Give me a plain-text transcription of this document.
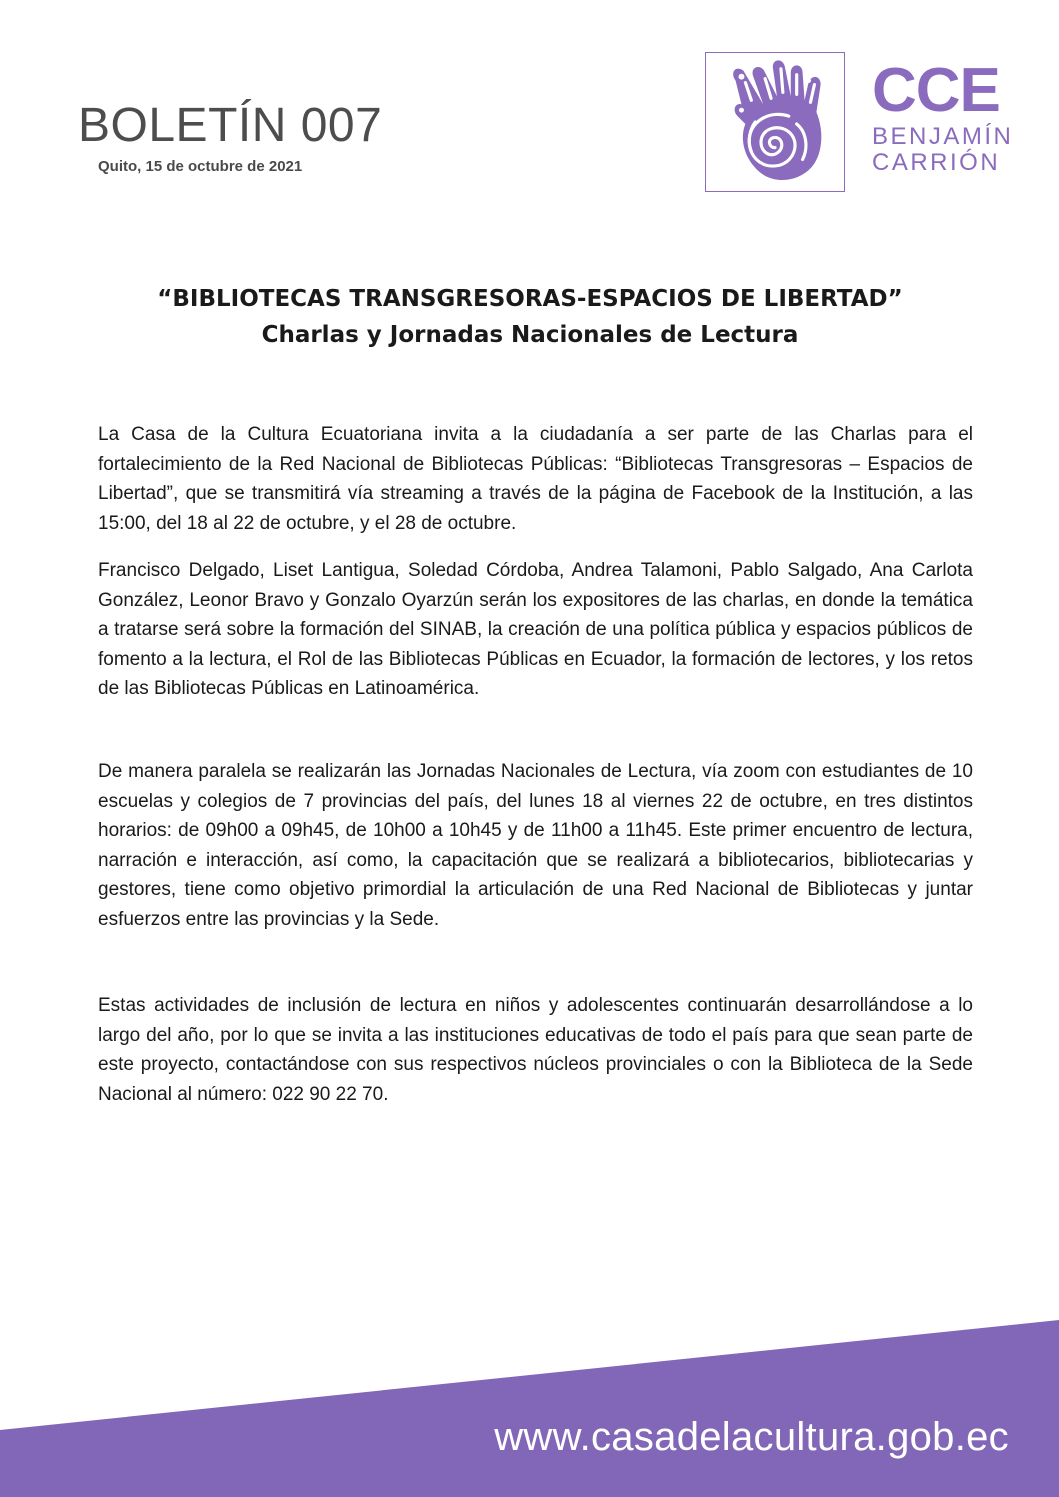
BOLETÍN 007
Quito, 15 de octubre de 2021
CCE
BENJAMÍN
CARRIÓN
“BIBLIOTECAS TRANSGRESORAS-ESPACIOS DE LIBERTAD”
Charlas y Jornadas Nacionales de Lectura

La Casa de la Cultura Ecuatoriana invita a la ciudadanía a ser parte de las Charlas para el fortalecimiento de la Red Nacional de Bibliotecas Públicas: “Bibliotecas Transgresoras – Espacios de Libertad”, que se transmitirá vía streaming a través de la página de Facebook de la Institución, a las 15:00, del 18 al 22 de octubre, y el 28 de octubre.

Francisco Delgado, Liset Lantigua, Soledad Córdoba, Andrea Talamoni, Pablo Salgado, Ana Carlota González, Leonor Bravo y Gonzalo Oyarzún serán los expositores de las charlas, en donde la temática a tratarse será sobre la formación del SINAB, la creación de una política pública y espacios públicos de fomento a la lectura, el Rol de las Bibliotecas Públicas en Ecuador, la formación de lectores, y los retos de las Bibliotecas Públicas en Latinoamérica.

De manera paralela se realizarán las Jornadas Nacionales de Lectura, vía zoom con estudiantes de 10 escuelas y colegios de 7 provincias del país, del lunes 18 al viernes 22 de octubre, en tres distintos horarios: de 09h00 a 09h45, de 10h00 a 10h45 y de 11h00 a 11h45. Este primer encuentro de lectura, narración e interacción, así como, la capacitación que se realizará a bibliotecarios, bibliotecarias y gestores, tiene como objetivo primordial la articulación de una Red Nacional de Bibliotecas y juntar esfuerzos entre las provincias y la Sede.

Estas actividades de inclusión de lectura en niños y adolescentes continuarán desarrollándose a lo largo del año, por lo que se invita a las instituciones educativas de todo el país para que sean parte de este proyecto, contactándose con sus respectivos núcleos provinciales o con la Biblioteca de la Sede Nacional al número: 022 90 22 70.

www.casadelacultura.gob.ec
